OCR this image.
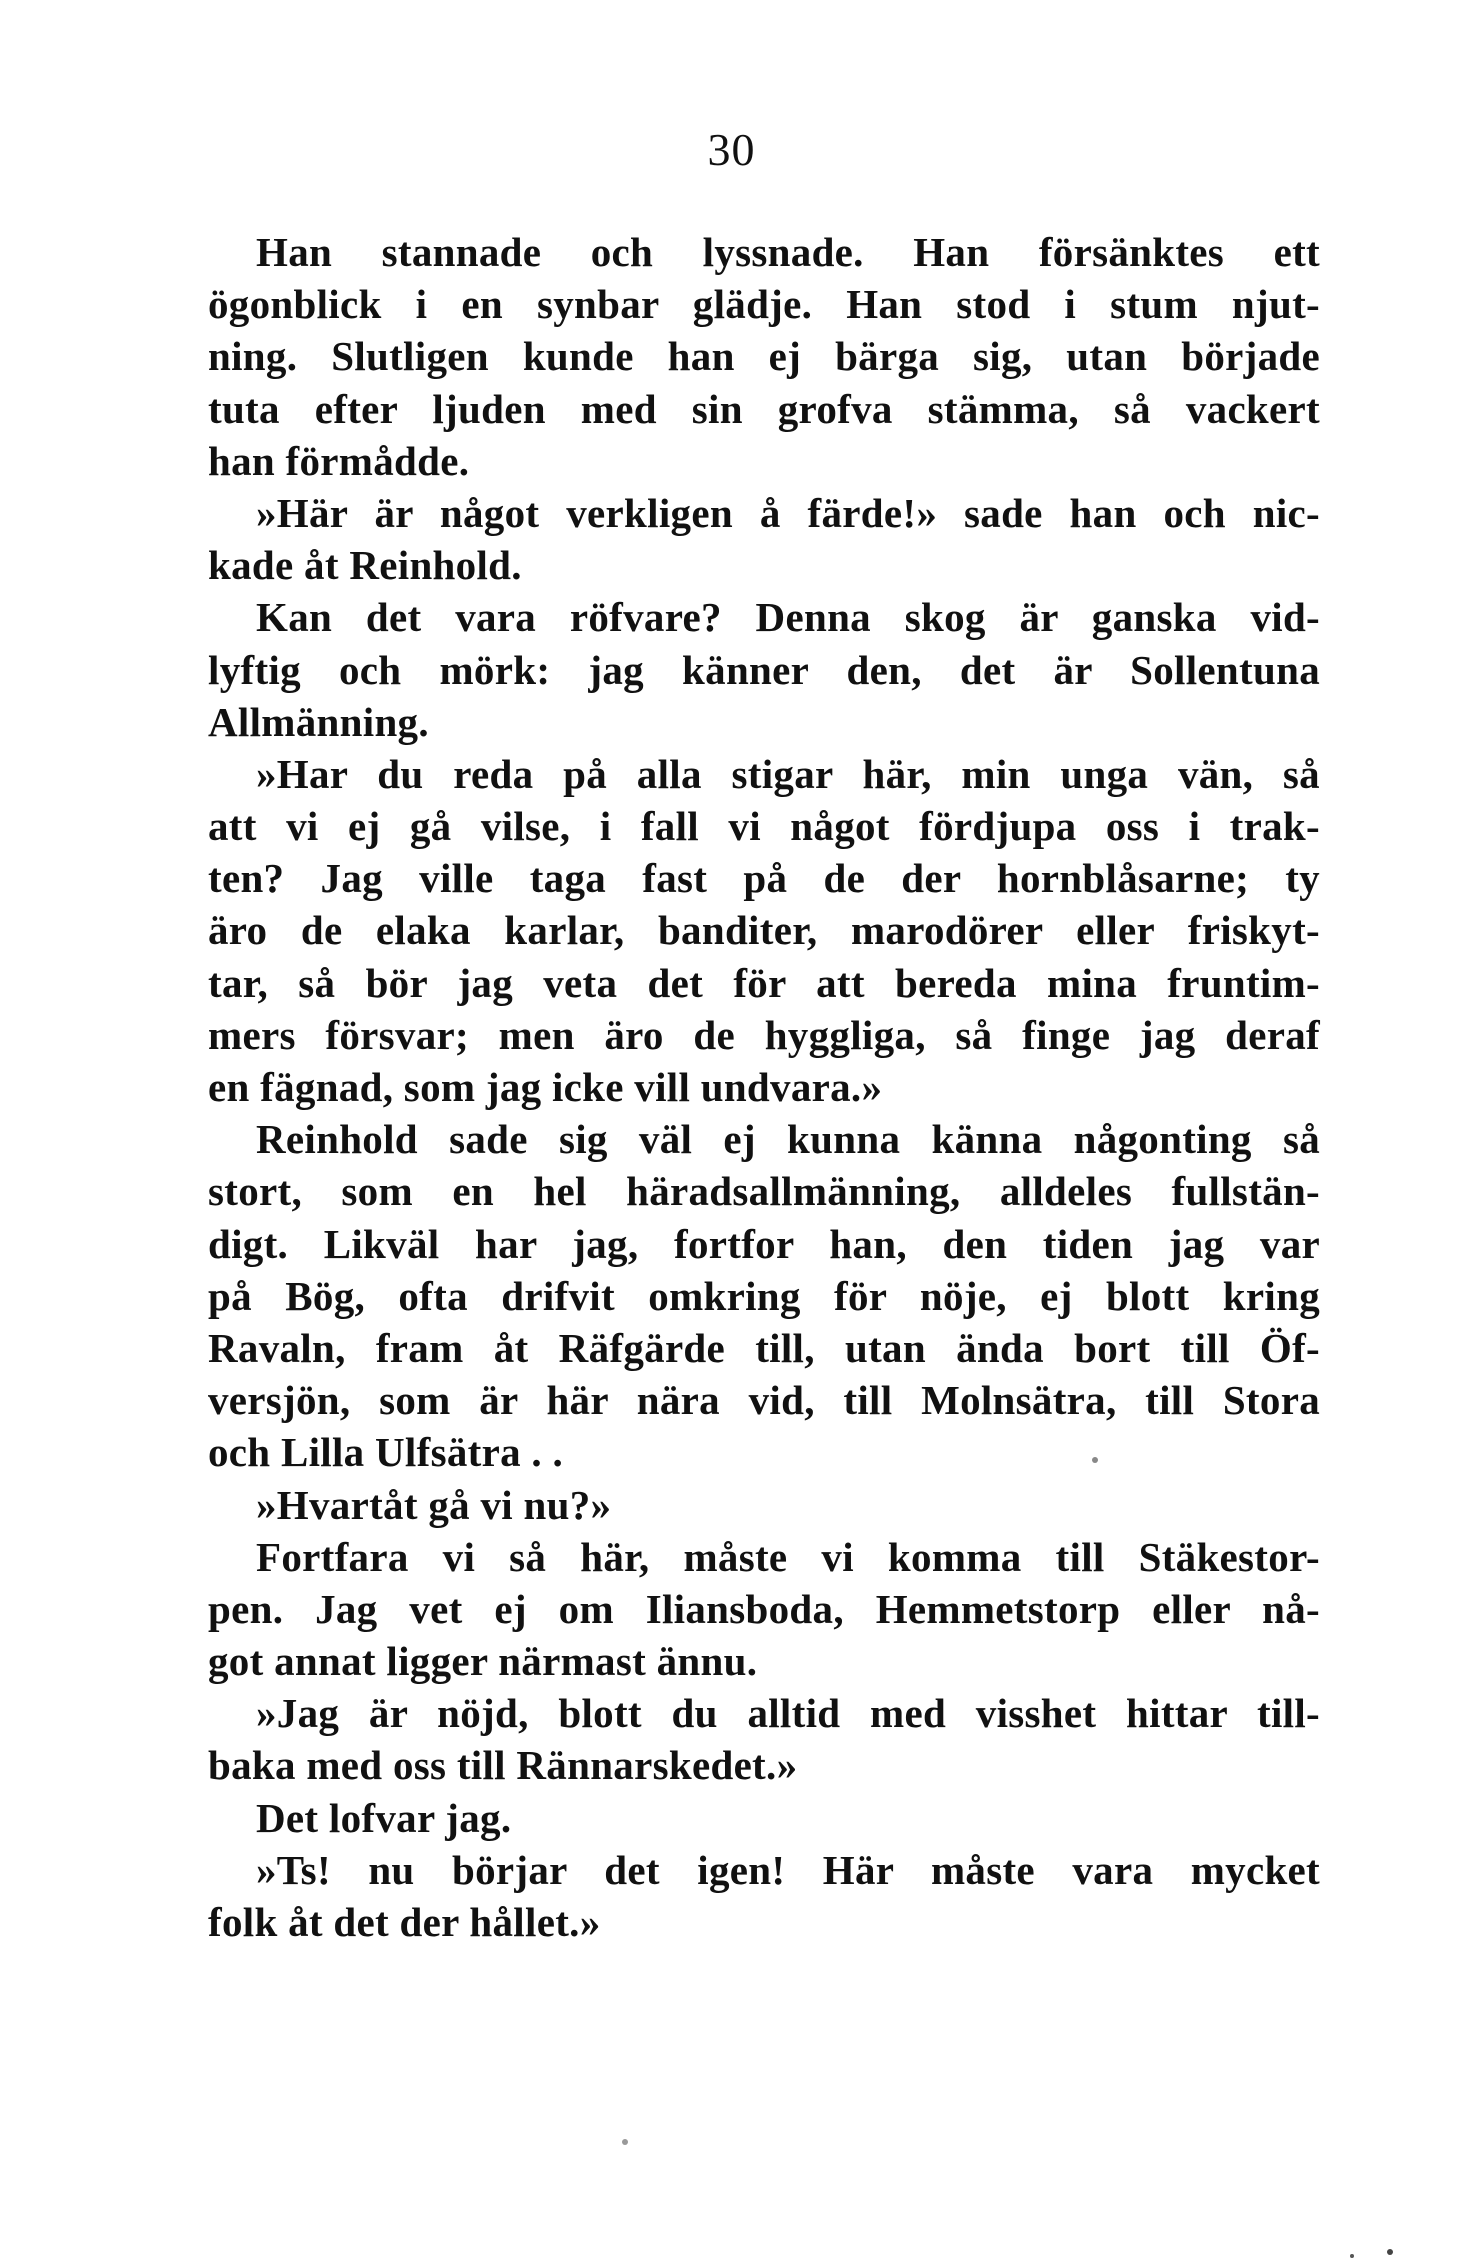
30
Han stannade och lyssnade. Han försänktes ett
ögonblick i en synbar glädje. Han stod i stum njut-
ning. Slutligen kunde han ej bärga sig, utan började
tuta efter ljuden med sin grofva stämma, så vackert
han förmådde.
»Här är något verkligen å färde!» sade han och nic-
kade åt Reinhold.
Kan det vara röfvare? Denna skog är ganska vid-
lyftig och mörk: jag känner den, det är Sollentuna
Allmänning.
»Har du reda på alla stigar här, min unga vän, så
att vi ej gå vilse, i fall vi något fördjupa oss i trak-
ten? Jag ville taga fast på de der hornblåsarne; ty
äro de elaka karlar, banditer, marodörer eller friskyt-
tar, så bör jag veta det för att bereda mina fruntim-
mers försvar; men äro de hyggliga, så finge jag deraf
en fägnad, som jag icke vill undvara.»
Reinhold sade sig väl ej kunna känna någonting så
stort, som en hel häradsallmänning, alldeles fullstän-
digt. Likväl har jag, fortfor han, den tiden jag var
på Bög, ofta drifvit omkring för nöje, ej blott kring
Ravaln, fram åt Räfgärde till, utan ända bort till Öf-
versjön, som är här nära vid, till Molnsätra, till Stora
och Lilla Ulfsätra . .
»Hvartåt gå vi nu?»
Fortfara vi så här, måste vi komma till Stäkestor-
pen. Jag vet ej om Iliansboda, Hemmetstorp eller nå-
got annat ligger närmast ännu.
»Jag är nöjd, blott du alltid med visshet hittar till-
baka med oss till Rännarskedet.»
Det lofvar jag.
»Ts! nu börjar det igen! Här måste vara mycket
folk åt det der hållet.»
